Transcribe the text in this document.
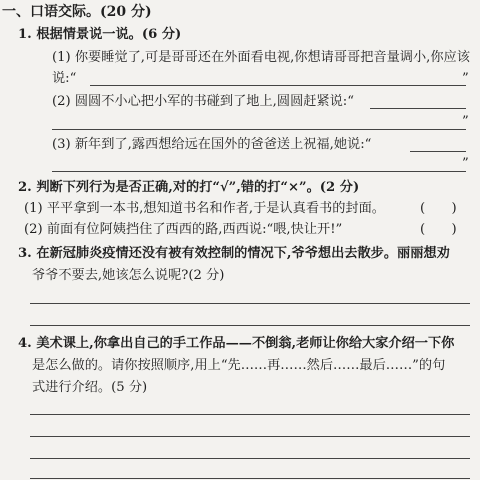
一、口语交际。(20 分)
1. 根据情景说一说。(6 分)
(1) 你要睡觉了,可是哥哥还在外面看电视,你想请哥哥把音量调小,你应该
说:“	”
(2) 圆圆不小心把小军的书碰到了地上,圆圆赶紧说:“
”
(3) 新年到了,露西想给远在国外的爸爸送上祝福,她说:“
”
2. 判断下列行为是否正确,对的打“√”,错的打“×”。(2 分)
(1) 平平拿到一本书,想知道书名和作者,于是认真看书的封面。	(　　)
(2) 前面有位阿姨挡住了西西的路,西西说:“喂,快让开!”	(　　)
3. 在新冠肺炎疫情还没有被有效控制的情况下,爷爷想出去散步。丽丽想劝
爷爷不要去,她该怎么说呢?(2 分)
4. 美术课上,你拿出自己的手工作品——不倒翁,老师让你给大家介绍一下你
是怎么做的。请你按照顺序,用上“先……再……然后……最后……”的句
式进行介绍。(5 分)
